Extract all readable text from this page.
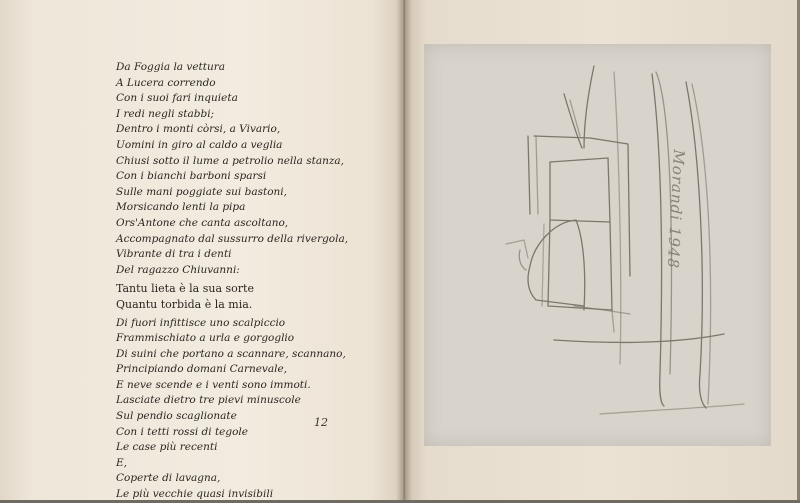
Da Foggia la vettura
A Lucera correndo
Con i suoi fari inquieta
I redi negli stabbi;
Dentro i monti còrsi, a Vivario,
Uomini in giro al caldo a veglia
Chiusi sotto il lume a petrolio nella stanza,
Con i bianchi barboni sparsi
Sulle mani poggiate sui bastoni,
Morsicando lenti la pipa
Ors'Antone che canta ascoltano,
Accompagnato dal sussurro della rivergola,
Vibrante di tra i denti
Del ragazzo Chiuvanni:
Tantu lieta è la sua sorte
Quantu torbida è la mia.
Di fuori infittisce uno scalpiccio
Frammischiato a urla e gorgoglio
Di suini che portano a scannare, scannano,
Principiando domani Carnevale,
E neve scende e i venti sono immoti.
Lasciate dietro tre pievi minuscole
Sul pendio scaglionate
Con i tetti rossi di tegole
Le case più recenti
E,
Coperte di lavagna,
Le più vecchie quasi invisibili
12
Morandi 1948
